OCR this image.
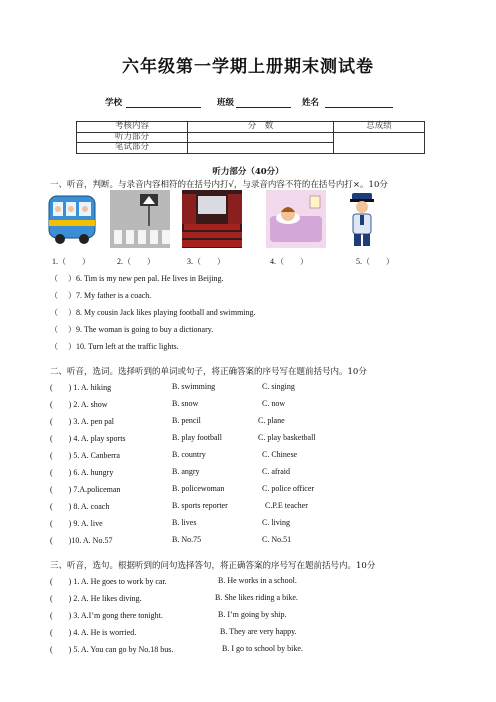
六年级第一学期上册期末测试卷
学校	班级	姓名
考核内容	分　数	总成绩
听力部分		
笔试部分		
听力部分（40分）
一、听音，判断。与录音内容相符的在括号内打√，与录音内容不符的在括号内打×。10分
1.（　　）	2.（　　）	3.（　　）	4.（　　）	5.（　　）
（　 ）6. Tim is my new pen pal. He lives in Beijing.
（　 ）7. My father is a coach.
（　 ）8. My cousin Jack likes playing football and swimming.
（　 ）9. The woman is going to buy a dictionary.
（　 ）10. Turn left at the traffic lights.
二、听音，选词。选择听到的单词或句子，将正确答案的序号写在题前括号内。10分
(　　) 1. A. hiking	B. swimming	C. singing
(　　) 2. A. show	B. snow	C. now
(　　) 3. A. pen pal	B. pencil	C. plane
(　　) 4. A. play sports	B. play football	C. play basketball
(　　) 5. A. Canberra	B. country	C. Chinese
(　　) 6. A. hungry	B. angry	C. afraid
(　　) 7.A.policeman	B. policewoman	C. police officer
(　　) 8. A. coach	B. sports reporter	C.P.E teacher
(　　) 9. A. live	B. lives	C. living
(　　)10. A. No.57	B. No.75	C. No.51
三、听音，选句。根据听到的问句选择答句，将正确答案的序号写在题前括号内。10分
(　　) 1. A. He goes to work by car.	B. He works in a school.
(　　) 2. A. He likes diving.	B. She likes riding a bike.
(　　) 3. A.I’m gong there tonight.	B. I’m going by ship.
(　　) 4. A. He is worried.	B. They are very happy.
(　　) 5. A. You can go by No.18 bus.	B. I go to school by bike.
